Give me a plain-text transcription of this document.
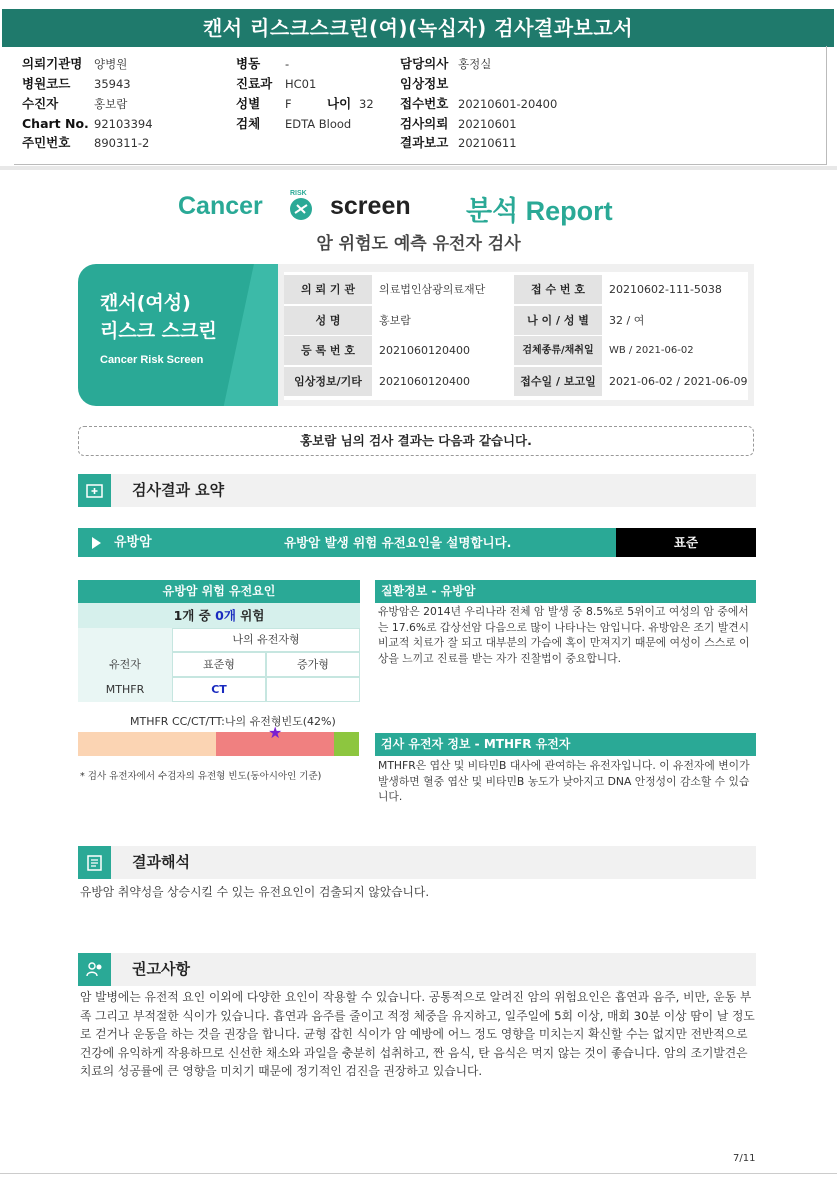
캔서 리스크스크린(여)(녹십자) 검사결과보고서
의뢰기관명 양병원
병원코드 35943
수진자	홍보람
Chart No. 92103394
주민번호 890311-2
병동 -
진료과 HC01
성별 F	나이 32
검체 EDTA Blood
담당의사 홍정실
임상정보
접수번호 20210601-20400
검사의뢰 20210601
결과보고 20210611
Cancer	RISK screen 분석 Report
암 위험도 예측 유전자 검사
캔서(여성)
리스크 스크린
Cancer Risk Screen
의 뢰 기 관	의료법인삼광의료재단	접 수 번 호	20210602-111-5038
성 명	홍보람	나 이 / 성 별	32 / 여
등 록 번 호	2021060120400	검체종류/채취일	WB / 2021-06-02
임상정보/기타	2021060120400	접수일 / 보고일	2021-06-02 / 2021-06-09
홍보람 님의 검사 결과는 다음과 같습니다.
검사결과 요약
유방암	유방암 발생 위험 유전요인을 설명합니다.	표준
유방암 위험 유전요인
1개 중 0개 위험
나의 유전자형
유전자	표준형	증가형
MTHFR	CT
MTHFR CC/CT/TT:나의 유전형빈도(42%)
★
* 검사 유전자에서 수검자의 유전형 빈도(동아시아인 기준)
질환정보 - 유방암
유방암은 2014년 우리나라 전체 암 발생 중 8.5%로 5위이고 여성의 암 중에서는 17.6%로 갑상선암 다음으로 많이 나타나는 암입니다. 유방암은 조기 발견시 비교적 치료가 잘 되고 대부분의 가슴에 혹이 만져지기 때문에 여성이 스스로 이상을 느끼고 진료를 받는 자가 진찰법이 중요합니다.
검사 유전자 정보 - MTHFR 유전자
MTHFR은 엽산 및 비타민B 대사에 관여하는 유전자입니다. 이 유전자에 변이가 발생하면 혈중 엽산 및 비타민B 농도가 낮아지고 DNA 안정성이 감소할 수 있습니다.
결과해석
유방암 취약성을 상승시킬 수 있는 유전요인이 검출되지 않았습니다.
권고사항
암 발병에는 유전적 요인 이외에 다양한 요인이 작용할 수 있습니다. 공통적으로 알려진 암의 위험요인은 흡연과 음주, 비만, 운동 부족 그리고 부적절한 식이가 있습니다. 흡연과 음주를 줄이고 적정 체중을 유지하고, 일주일에 5회 이상, 매회 30분 이상 땀이 날 정도로 걷거나 운동을 하는 것을 권장을 합니다. 균형 잡힌 식이가 암 예방에 어느 정도 영향을 미치는지 확신할 수는 없지만 전반적으로 건강에 유익하게 작용하므로 신선한 채소와 과일을 충분히 섭취하고, 짠 음식, 탄 음식은 먹지 않는 것이 좋습니다. 암의 조기발견은 치료의 성공률에 큰 영향을 미치기 때문에 정기적인 검진을 권장하고 있습니다.
7/11
